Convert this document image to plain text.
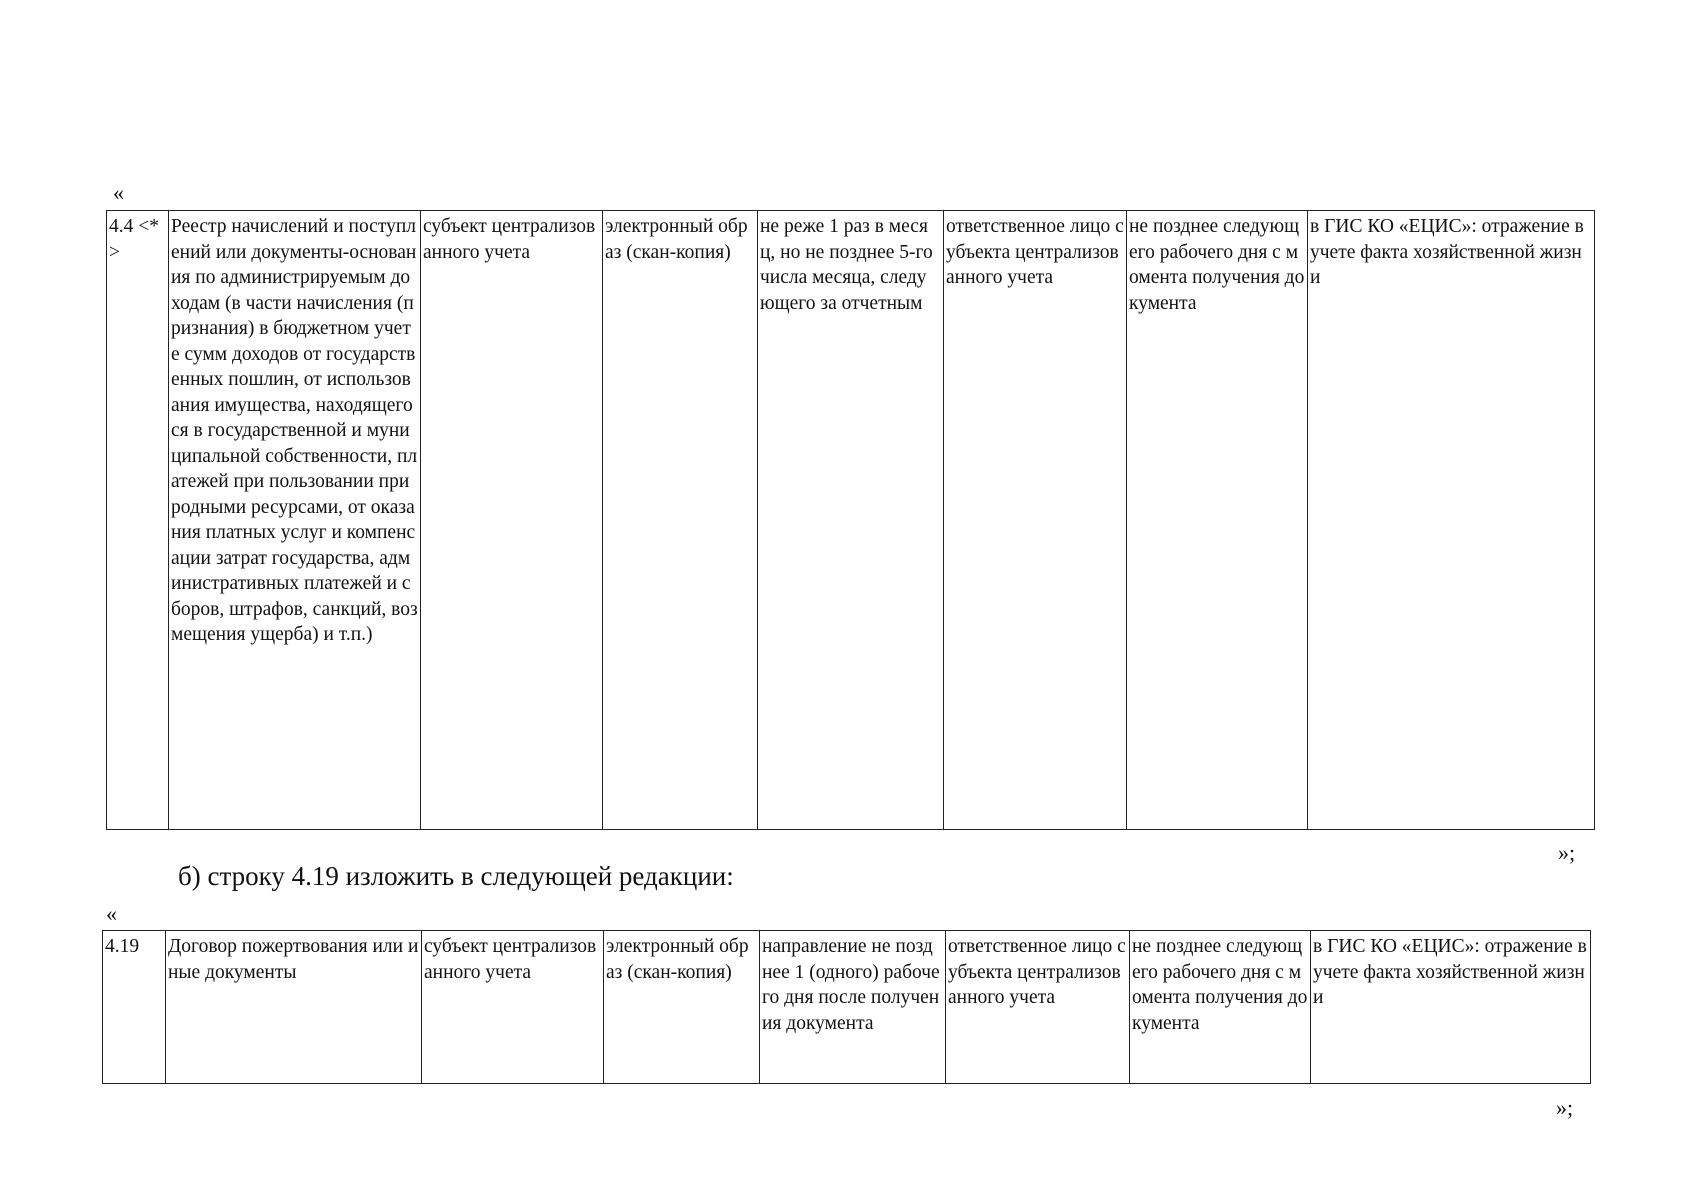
«
4.4 <*>	Реестр начислений и поступлений или документы-основания по администрируемым доходам (в части начисления (признания) в бюджетном учете сумм доходов от государственных пошлин, от использования имущества, находящегося в государственной и муниципальной собственности, платежей при пользовании природными ресурсами, от оказания платных услуг и компенсации затрат государства, административных платежей и сборов, штрафов, санкций, возмещения ущерба) и т.п.)	субъект централизованного учета	электронный образ (скан-копия)	не реже 1 раз в месяц, но не позднее 5-го числа месяца, следующего за отчетным	ответственное лицо субъекта централизованного учета	не позднее следующего рабочего дня с момента получения документа	в ГИС КО «ЕЦИС»: отражение в учете факта хозяйственной жизни
»;
б) строку 4.19 изложить в следующей редакции:
«
4.19	Договор пожертвования или иные документы	субъект централизованного учета	электронный образ (скан-копия)	направление не позднее 1 (одного) рабочего дня после получения документа	ответственное лицо субъекта централизованного учета	не позднее следующего рабочего дня с момента получения документа	в ГИС КО «ЕЦИС»: отражение в учете факта хозяйственной жизни
»;
